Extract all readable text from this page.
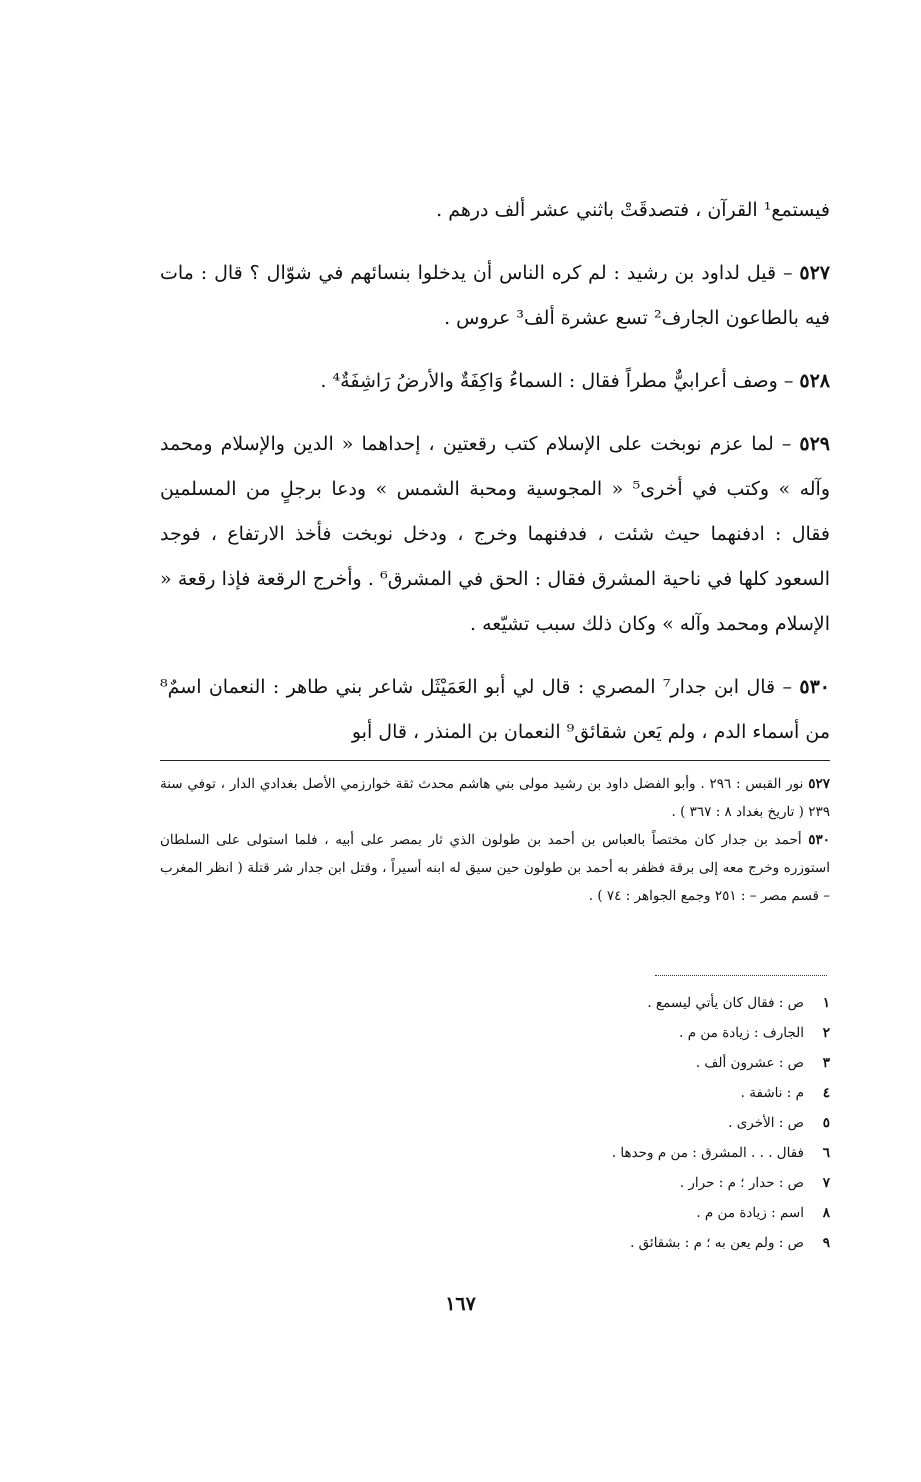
فيستمع¹ القرآن ، فتصدقَتْ باثني عشر ألف درهم .

٥٢٧ – قيل لداود بن رشيد : لم كره الناس أن يدخلوا بنسائهم في شوّال ؟ قال : مات فيه بالطاعون الجارف² تسع عشرة ألف³ عروس .

٥٢٨ – وصف أعرابيٌّ مطراً فقال : السماءُ وَاكِفَةٌ والأرضُ رَاشِفَةٌ⁴ .

٥٢٩ – لما عزم نوبخت على الإسلام كتب رقعتين ، إحداهما « الدين والإسلام ومحمد وآله » وكتب في أخرى⁵ « المجوسية ومحبة الشمس » ودعا برجلٍ من المسلمين فقال : ادفنهما حيث شئت ، فدفنهما وخرج ، ودخل نوبخت فأخذ الارتفاع ، فوجد السعود كلها في ناحية المشرق فقال : الحق في المشرق⁶ . وأخرج الرقعة فإذا رقعة « الإسلام ومحمد وآله » وكان ذلك سبب تشيّعه .

٥٣٠ – قال ابن جدار⁷ المصري : قال لي أبو العَمَيْثَل شاعر بني طاهر : النعمان اسمٌ⁸ من أسماء الدم ، ولم يَعن شقائق⁹ النعمان بن المنذر ، قال أبو

٥٢٧ نور القبس : ٢٩٦ . وأبو الفضل داود بن رشيد مولى بني هاشم محدث ثقة خوارزمي الأصل بغدادي الدار ، توفي سنة ٢٣٩ ( تاريخ بغداد ٨ : ٣٦٧ ) .

٥٣٠ أحمد بن جدار كان مختصاً بالعباس بن أحمد بن طولون الذي ثار بمصر على أبيه ، فلما استولى على السلطان استوزره وخرج معه إلى برقة فظفر به أحمد بن طولون حين سيق له ابنه أسيراً ، وقتل ابن جدار شر قتلة ( انظر المغرب – قسم مصر – : ٢٥١ وجمع الجواهر : ٧٤ ) .

١
ص : فقال كان يأتي ليسمع .
٢
الجارف : زيادة من م .
٣
ص : عشرون ألف .
٤
م : ناشفة .
٥
ص : الأخرى .
٦
فقال . . . المشرق : من م وحدها .
٧
ص : حدار ؛ م : حرار .
٨
اسم : زيادة من م .
٩
ص : ولم يعن به ؛ م : بشقائق .
١٦٧
